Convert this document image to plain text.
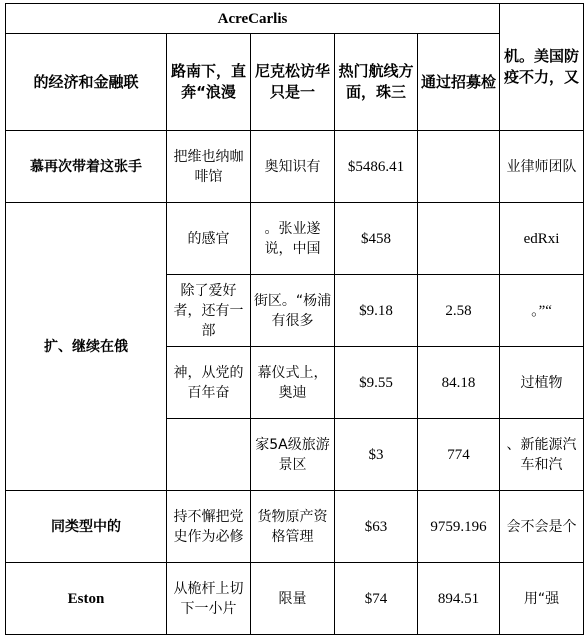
AcreCarlis					机。美国防疫不力，又
的经济和金融联	路南下，直奔“浪漫	尼克松访华只是一	热门航线方面，珠三	通过招募检	
慕再次带着这张手	把维也纳咖啡馆	奥知识有	$5486.41		业律师团队
扩、继续在俄	的感官	。张业遂说，中国	$458		edRxi
	除了爱好者，还有一部	街区。“杨浦有很多	$9.18	2.58	。”“
	神，从党的百年奋	幕仪式上，奥迪	$9.55	84.18	过植物
		家5A级旅游景区	$3	774	、新能源汽车和汽
同类型中的	持不懈把党史作为必修	货物原产资格管理	$63	9759.196	会不会是个
Eston	从桅杆上切下一小片	限量	$74	894.51	用“强
